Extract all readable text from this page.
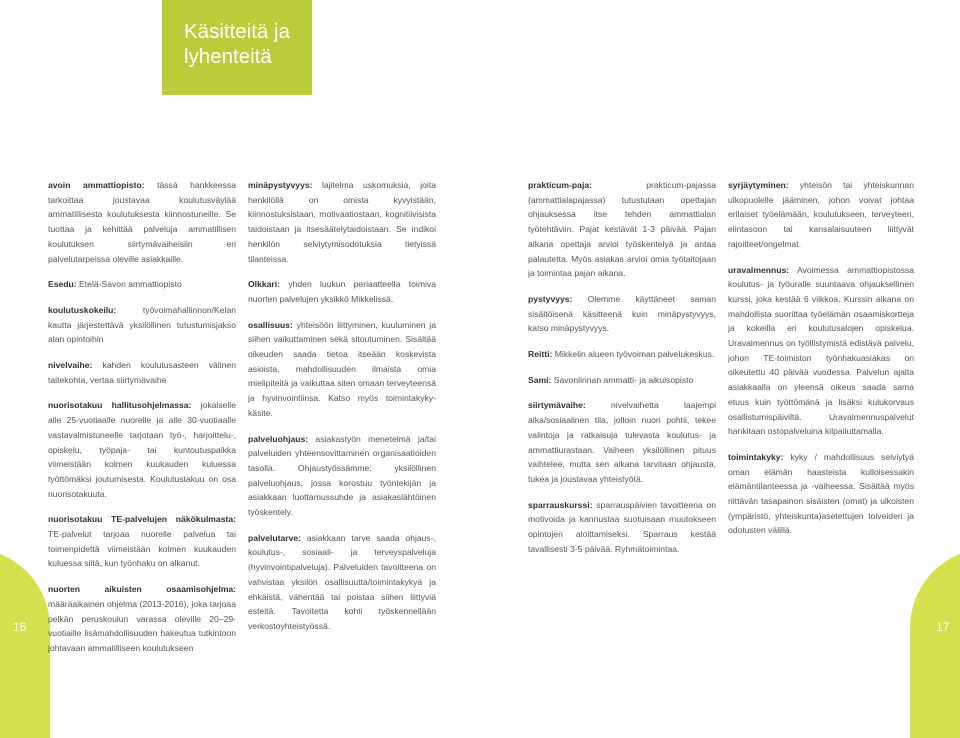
Käsitteitä ja
lyhenteitä
16	17

avoin ammattiopisto: tässä hankkeessa tarkoittaa joustavaa koulutusväylää ammatillisesta koulutuksesta kiinnostuneille. Se tuottaa ja kehittää palveluja ammatillisen koulutuksen siirtymävaiheisiin eri palvelutarpeissa oleville asiakkaille.

Esedu: Etelä-Savon ammattiopisto

koulutuskokeilu: työvoimahallinnon/Kelan kautta järjestettävä yksilöllinen tutustumisjakso alan opintoihin

nivelvaihe: kahden koulutusasteen välinen taitekohta, vertaa siirtymävaihe

nuorisotakuu hallitusohjelmassa: jokaiselle alle 25-vuotiaalle nuorelle ja alle 30-vuotiaalle vastavalmistuneelle tarjotaan työ-, harjoittelu-, opiskelu, työpaja- tai kuntoutuspaikka viimeistään kolmen kuukauden kuluessa työttömäksi joutumisesta. Koulutustakuu on osa nuorisotakuuta.

nuorisotakuu TE-palvelujen näkökulmasta: TE-palvelut tarjoaa nuorelle palvelua tai toimenpidettä viimeistään kolmen kuukauden kuluessa siitä, kun työnhaku on alkanut.

nuorten aikuisten osaamisohjelma: määräaikainen ohjelma (2013-2016), joka tarjoaa pelkän peruskoulun varassa oleville 20–29-vuotiaille lisämahdollisuuden hakeutua tutkintoon johtavaan ammatilliseen koulutukseen

minäpystyvyys: lajitelma uskomuksia, joita henkilöllä on omista kyvyistään, kiinnostuksistaan, motivaatiostaan, kognitiivisista taidoistaan ja itsesäätelytaidoistaan. Se indikoi henkilön selviytymisodotuksia tietyissä tilanteissa.

Olkkari: yhden luukun periaatteella toimiva nuorten palvelujen yksikkö Mikkelissä.

osallisuus: yhteisöön liittyminen, kuuluminen ja siihen vaikuttaminen sekä sitoutuminen. Sisältää oikeuden saada tietoa itseään koskevista asioista, mahdollisuuden ilmaista omia mielipiteitä ja vaikuttaa siten omaan terveyteensä ja hyvinvointiinsa. Katso myös toimintakyky-käsite.

palveluohjaus: asiakastyön menetelmä ja/tai palveluiden yhteensovittaminen organisaatioiden tasolla. Ohjaustyössämme: yksilöllinen palveluohjaus, jossa korostuu työntekijän ja asiakkaan luottamussuhde ja asiakaslähtöinen työskentely.

palvelutarve: asiakkaan tarve saada ohjaus-, koulutus-, sosiaali- ja terveyspalveluja (hyvinvointipalveluja). Palveluiden tavoitteena on vahvistaa yksilön osallisuutta/toimintakykyä ja ehkäistä, vähentää tai poistaa siihen liittyviä esteitä. Tavoitetta kohti työskennellään verkostoyhteistyössä.

prakticum-paja: prakticum-pajassa (ammattialapajassa) tutustutaan opettajan ohjauksessa itse tehden ammattialan työtehtäviin. Pajat kestävät 1-3 päivää. Pajan aikana opettaja arvioi työskentelyä ja antaa palautetta. Myös asiakas arvioi omia työtaitojaan ja toimintaa pajan aikana.

pystyvyys: Olemme käyttäneet saman sisältöisenä käsitteenä kuin minäpystyvyys, katso minäpystyvyys.

Reitti: Mikkelin alueen työvoiman palvelukeskus.

Sami: Savonlinnan ammatti- ja aikuisopisto

siirtymävaihe: nivelvaihetta laajempi aika/sosiaalinen tila, jolloin nuori pohtii, tekee valintoja ja ratkaisuja tulevasta koulutus- ja ammattiurastaan. Vaiheen yksilöllinen pituus vaihtelee, mutta sen aikana tarvitaan ohjausta, tukea ja joustavaa yhteistyötä.

sparrauskurssi: sparrauspäivien tavoitteena on motivoida ja kannustaa suotuisaan muutokseen opintojen aloittamiseksi. Sparraus kestää tavallisesti 3-5 päivää. Ryhmätoimintaa.

syrjäytyminen: yhteisön tai yhteiskunnan ulkopuolelle jääminen, johon voivat johtaa erilaiset työelämään, koulutukseen, terveyteen, elintasoon tai kansalaisuuteen liittyvät rajoitteet/ongelmat.

uravalmennus: Avoimessa ammattiopistossa koulutus- ja työuralle suuntaava ohjauksellinen kurssi, joka kestää 6 viikkoa. Kurssin aikana on mahdollista suorittaa työelämän osaamiskortteja ja kokeilla eri koulutusalojen opiskelua. Uravalmennus on työllistymistä edistävä palvelu, johon TE-toimiston työnhakuasiakas on oikeutettu 40 päivää vuodessa. Palvelun ajalta asiakkaalla on yleensä oikeus saada sama etuus kuin työttömänä ja lisäksi kulukorvaus osallistumispäiviltä. Uravalmennuspalvelut hankitaan ostopalveluina kilpailuttamalla.

toimintakyky: kyky / mahdollisuus selviytyä oman elämän haasteista kulloisessakin elämäntilanteessa ja -vaiheessa. Sisältää myös riittävän tasapainon sisäisten (omat) ja ulkoisten (ympäristö, yhteiskunta)asetettujen toiveiden ja odotusten välillä.
